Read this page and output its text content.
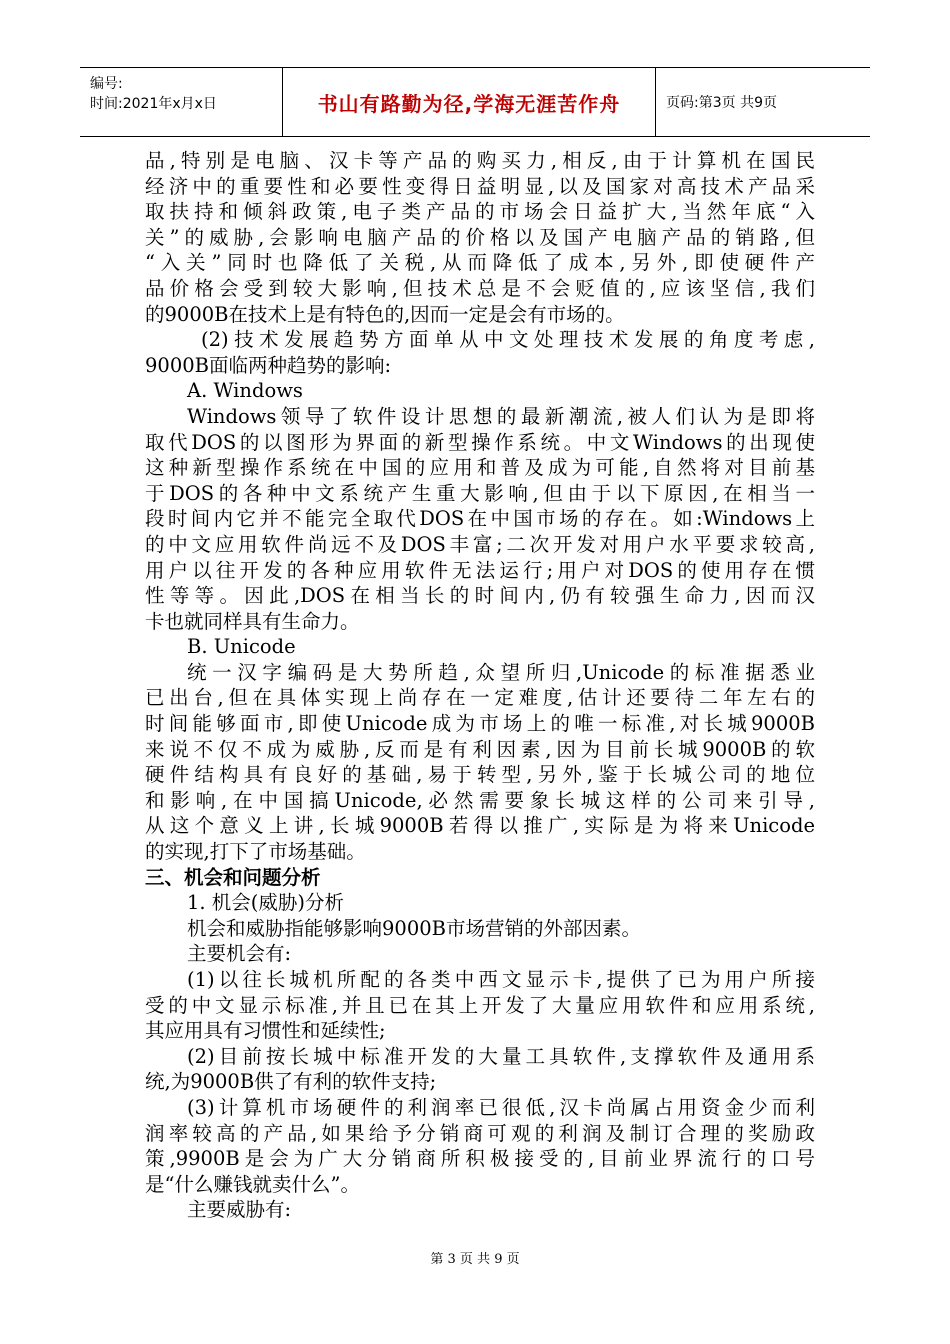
编号:
时间:2021年x月x日	书山有路勤为径,学海无涯苦作舟	页码:第3页 共9页
品,特别是电脑、汉卡等产品的购买力,相反,由于计算机在国民
经济中的重要性和必要性变得日益明显,以及国家对高技术产品采
取扶持和倾斜政策,电子类产品的市场会日益扩大,当然年底“入
关”的威胁,会影响电脑产品的价格以及国产电脑产品的销路,但
“入关”同时也降低了关税,从而降低了成本,另外,即使硬件产
品价格会受到较大影响,但技术总是不会贬值的,应该坚信,我们
的9000B在技术上是有特色的,因而一定是会有市场的。
(2)技术发展趋势方面单从中文处理技术发展的角度考虑,
9000B面临两种趋势的影响:
A. Windows
Windows领导了软件设计思想的最新潮流,被人们认为是即将
取代DOS的以图形为界面的新型操作系统。中文Windows的出现使
这种新型操作系统在中国的应用和普及成为可能,自然将对目前基
于DOS的各种中文系统产生重大影响,但由于以下原因,在相当一
段时间内它并不能完全取代DOS在中国市场的存在。如:Windows上
的中文应用软件尚远不及DOS丰富;二次开发对用户水平要求较高,
用户以往开发的各种应用软件无法运行;用户对DOS的使用存在惯
性等等。因此,DOS在相当长的时间内,仍有较强生命力,因而汉
卡也就同样具有生命力。
B. Unicode
统一汉字编码是大势所趋,众望所归,Unicode的标准据悉业
已出台,但在具体实现上尚存在一定难度,估计还要待二年左右的
时间能够面市,即使Unicode成为市场上的唯一标准,对长城9000B
来说不仅不成为威胁,反而是有利因素,因为目前长城9000B的软
硬件结构具有良好的基础,易于转型,另外,鉴于长城公司的地位
和影响,在中国搞Unicode,必然需要象长城这样的公司来引导,
从这个意义上讲,长城9000B若得以推广,实际是为将来Unicode
的实现,打下了市场基础。
三、机会和问题分析
1. 机会(威胁)分析
机会和威胁指能够影响9000B市场营销的外部因素。
主要机会有:
(1)以往长城机所配的各类中西文显示卡,提供了已为用户所接
受的中文显示标准,并且已在其上开发了大量应用软件和应用系统,
其应用具有习惯性和延续性;
(2)目前按长城中标准开发的大量工具软件,支撑软件及通用系
统,为9000B供了有利的软件支持;
(3)计算机市场硬件的利润率已很低,汉卡尚属占用资金少而利
润率较高的产品,如果给予分销商可观的利润及制订合理的奖励政
策,9900B是会为广大分销商所积极接受的,目前业界流行的口号
是“什么赚钱就卖什么”。
主要威胁有:
第 3 页 共 9 页
